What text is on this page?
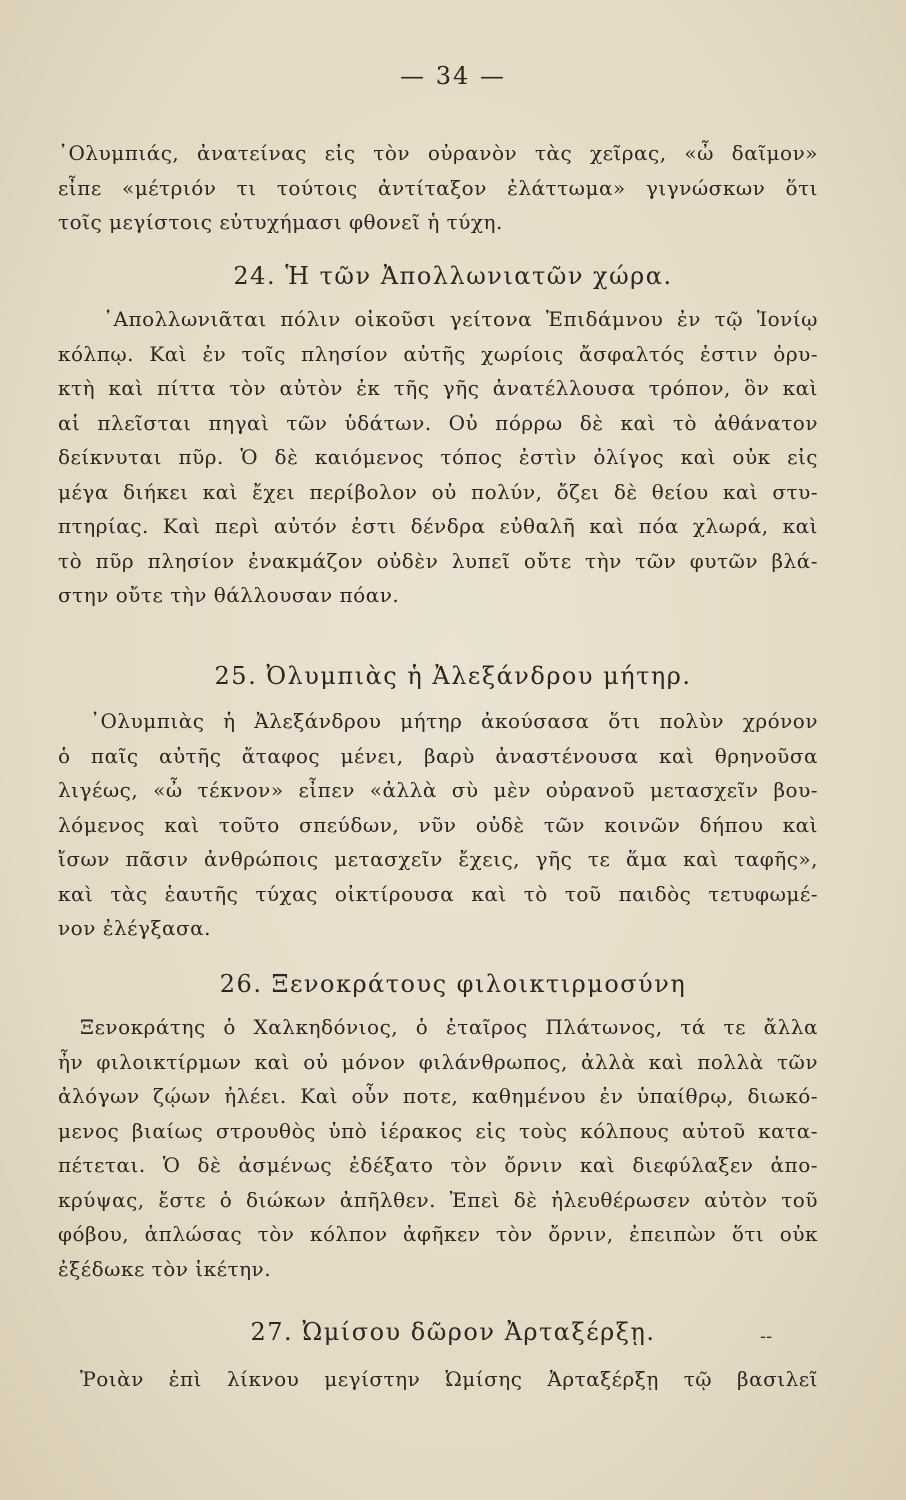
— 34 —
᾿Ολυμπιάς, ἀνατείνας εἰς τὸν οὐρανὸν τὰς χεῖρας, «ὦ δαῖμον»
εἶπε «μέτριόν τι τούτοις ἀντίταξον ἐλάττωμα» γιγνώσκων ὅτι
τοῖς μεγίστοις εὐτυχήμασι φθονεῖ ἡ τύχη.
24. Ἡ τῶν Ἀπολλωνιατῶν χώρα.
᾿Απολλωνιᾶται πόλιν οἰκοῦσι γείτονα Ἐπιδάμνου ἐν τῷ Ἰονίῳ
κόλπῳ. Καὶ ἐν τοῖς πλησίον αὐτῆς χωρίοις ἄσφαλτός ἐστιν ὀρυ-
κτὴ καὶ πίττα τὸν αὐτὸν ἐκ τῆς γῆς ἀνατέλλουσα τρόπον, ὃν καὶ
αἱ πλεῖσται πηγαὶ τῶν ὑδάτων. Οὐ πόρρω δὲ καὶ τὸ ἀθάνατον
δείκνυται πῦρ. Ὁ δὲ καιόμενος τόπος ἐστὶν ὀλίγος καὶ οὐκ εἰς
μέγα διήκει καὶ ἔχει περίβολον οὐ πολύν, ὄζει δὲ θείου καὶ στυ-
πτηρίας. Καὶ περὶ αὐτόν ἐστι δένδρα εὐθαλῆ καὶ πόα χλωρά, καὶ
τὸ πῦρ πλησίον ἐνακμάζον οὐδὲν λυπεῖ οὔτε τὴν τῶν φυτῶν βλά-
στην οὔτε τὴν θάλλουσαν πόαν.
25. Ὀλυμπιὰς ἡ Ἀλεξάνδρου μήτηρ.
᾿Ολυμπιὰς ἡ Ἀλεξάνδρου μήτηρ ἀκούσασα ὅτι πολὺν χρόνον
ὁ παῖς αὐτῆς ἄταφος μένει, βαρὺ ἀναστένουσα καὶ θρηνοῦσα
λιγέως, «ὦ τέκνον» εἶπεν «ἀλλὰ σὺ μὲν οὐρανοῦ μετασχεῖν βου-
λόμενος καὶ τοῦτο σπεύδων, νῦν οὐδὲ τῶν κοινῶν δήπου καὶ
ἴσων πᾶσιν ἀνθρώποις μετασχεῖν ἔχεις, γῆς τε ἅμα καὶ ταφῆς»,
καὶ τὰς ἑαυτῆς τύχας οἰκτίρουσα καὶ τὸ τοῦ παιδὸς τετυφωμέ-
νον ἐλέγξασα.
26. Ξενοκράτους φιλοικτιρμοσύνη
Ξενοκράτης ὁ Χαλκηδόνιος, ὁ ἑταῖρος Πλάτωνος, τά τε ἄλλα
ἦν φιλοικτίρμων καὶ οὐ μόνον φιλάνθρωπος, ἀλλὰ καὶ πολλὰ τῶν
ἀλόγων ζῴων ἠλέει. Καὶ οὖν ποτε, καθημένου ἐν ὑπαίθρῳ, διωκό-
μενος βιαίως στρουθὸς ὑπὸ ἱέρακος εἰς τοὺς κόλπους αὐτοῦ κατα-
πέτεται. Ὁ δὲ ἀσμένως ἐδέξατο τὸν ὄρνιν καὶ διεφύλαξεν ἀπο-
κρύψας, ἔστε ὁ διώκων ἀπῆλθεν. Ἐπεὶ δὲ ἠλευθέρωσεν αὐτὸν τοῦ
φόβου, ἁπλώσας τὸν κόλπον ἀφῆκεν τὸν ὄρνιν, ἐπειπὼν ὅτι οὐκ
ἐξέδωκε τὸν ἱκέτην.
27. Ὠμίσου δῶρον Ἀρταξέρξῃ.	--
Ῥοιὰν ἐπὶ λίκνου μεγίστην Ὠμίσης Ἀρταξέρξῃ τῷ βασιλεῖ
